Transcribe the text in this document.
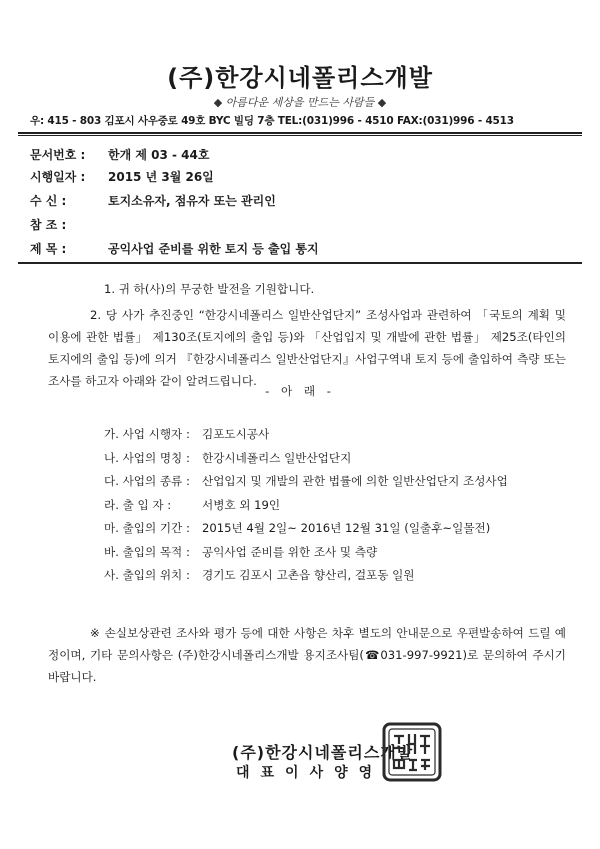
(주)한강시네폴리스개발
◆ 아름다운 세상을 만드는 사람들 ◆
우: 415 - 803 김포시 사우중로 49호 BYC 빌딩 7층 TEL:(031)996 - 4510 FAX:(031)996 - 4513
문서번호 : 한개 제 03 - 44호
시행일자 : 2015 년 3월 26일
수 신 :	토지소유자, 점유자 또는 관리인
참 조 :
제 목 :	공익사업 준비를 위한 토지 등 출입 통지
1. 귀 하(사)의 무궁한 발전을 기원합니다.
2. 당 사가 추진중인 “한강시네폴리스 일반산업단지” 조성사업과 관련하여 「국토의 계획 및 이용에 관한 법률」 제130조(토지에의 출입 등)와 「산업입지 및 개발에 관한 법률」 제25조(타인의 토지에의 출입 등)에 의거 『한강시네폴리스 일반산업단지』사업구역내 토지 등에 출입하여 측량 또는 조사를 하고자 아래와 같이 알려드립니다.
- 아 래 -
가. 사업 시행자 : 김포도시공사
나. 사업의 명칭 : 한강시네폴리스 일반산업단지
다. 사업의 종류 : 산업입지 및 개발의 관한 법률에 의한 일반산업단지 조성사업
라. 출 입 자 :	서병호 외 19인
마. 출입의 기간 : 2015년 4월 2일~ 2016년 12월 31일 (일출후~일몰전)
바. 출입의 목적 : 공익사업 준비를 위한 조사 및 측량
사. 출입의 위치 : 경기도 김포시 고촌읍 향산리, 걸포동 일원
※ 손실보상관련 조사와 평가 등에 대한 사항은 차후 별도의 안내문으로 우편발송하여 드릴 예정이며, 기타 문의사항은 (주)한강시네폴리스개발 용지조사팀(☎031-997-9921)로 문의하여 주시기 바랍니다.
(주)한강시네폴리스개발
대표이사양영
